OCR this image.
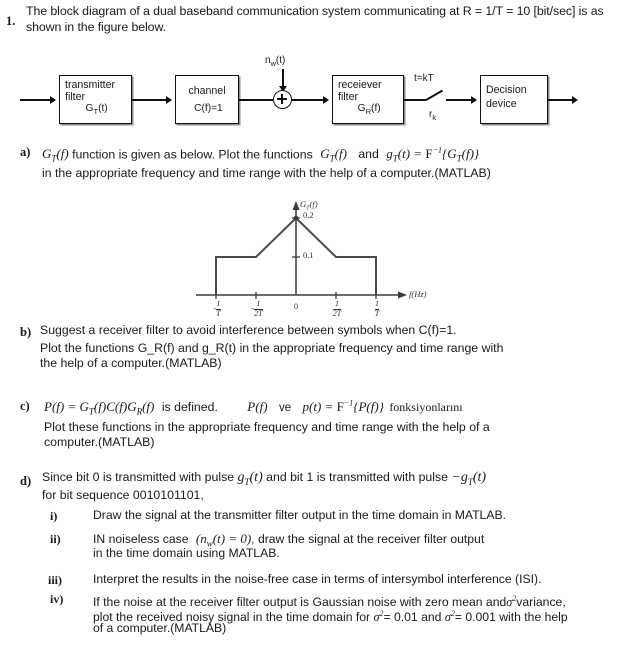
1.
The block diagram of a dual baseband communication system communicating at R = 1/T = 10 [bit/sec] is as shown in the figure below.
transmitter
filter
$G_T(t)$
channel
C(f)=1
$n_w(t)$
receiever
filter
$G_R(f)$
t=kT
$r_k$
Decision
device
a) $G_T(f)$ function is given as below. Plot the functions $G_T(f)$ and $g_T(t) = F^{-1}\{G_T(f)\}$
in the appropriate frequency and time range with the help of a computer.(MATLAB)
0.2
0.1
$G_T(f)$
f(Hz)
- $\frac{1}{T}$	- $\frac{1}{2T}$	0	$\frac{1}{2T}$	$\frac{1}{T}$
b) Suggest a receiver filter to avoid interference between symbols when C(f)=1.
Plot the functions G_R(f) and g_R(t) in the appropriate frequency and time range with
the help of a computer.(MATLAB)
c) $P(f) = G_T(f)C(f)G_R(f)$ is defined. P(f) ve $p(t) = F^{-1}\{P(f)\}$ fonksiyonlarını
Plot these functions in the appropriate frequency and time range with the help of a
computer.(MATLAB)
d) Since bit 0 is transmitted with pulse $g_T(t)$ and bit 1 is transmitted with pulse $-g_T(t)$
for bit sequence 0010101101,
i)	Draw the signal at the transmitter filter output in the time domain in MATLAB.
ii)	IN noiseless case $(n_w(t) = 0)$, draw the signal at the receiver filter output
in the time domain using MATLAB.
iii)	Interpret the results in the noise-free case in terms of intersymbol interference (ISI).
iv) If the noise at the receiver filter output is Gaussian noise with zero mean andσ$^2$variance,
plot the received noisy signal in the time domain for $\sigma^2= 0.01$ and $\sigma^2= 0.001$ with the help
of a computer.(MATLAB)
